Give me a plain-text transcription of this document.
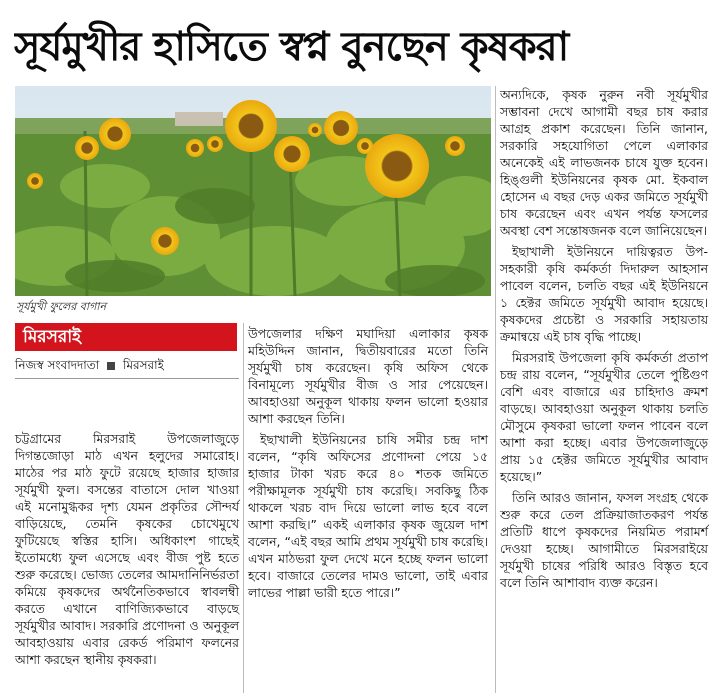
সূর্যমুখীর হাসিতে স্বপ্ন বুনছেন কৃষকরা
সূর্যমুখী ফুলের বাগান
মিরসরাই
নিজস্ব সংবাদদাতা মিরসরাই

চট্টগ্রামের মিরসরাই উপজেলাজুড়ে দিগন্তজোড়া মাঠ এখন হলুদের সমারোহ। মাঠের পর মাঠ ফুটে রয়েছে হাজার হাজার সূর্যমুখী ফুল। বসন্তের বাতাসে দোল খাওয়া এই মনোমুগ্ধকর দৃশ্য যেমন প্রকৃতির সৌন্দর্য বাড়িয়েছে, তেমনি কৃষকের চোখেমুখে ফুটিয়েছে স্বস্তির হাসি। অধিকাংশ গাছেই ইতোমধ্যে ফুল এসেছে এবং বীজ পুষ্ট হতে শুরু করেছে। ভোজ্য তেলের আমদানিনির্ভরতা কমিয়ে কৃষকদের অর্থনৈতিকভাবে স্বাবলম্বী করতে এখানে বাণিজ্যিকভাবে বাড়ছে সূর্যমুখীর আবাদ। সরকারি প্রণোদনা ও অনুকূল আবহাওয়ায় এবার রেকর্ড পরিমাণ ফলনের আশা করছেন স্থানীয় কৃষকরা।

উপজেলার দক্ষিণ মঘাদিয়া এলাকার কৃষক মহিউদ্দিন জানান, দ্বিতীয়বারের মতো তিনি সূর্যমুখী চাষ করেছেন। কৃষি অফিস থেকে বিনামূল্যে সূর্যমুখীর বীজ ও সার পেয়েছেন। আবহাওয়া অনুকূল থাকায় ফলন ভালো হওয়ার আশা করছেন তিনি।

ইছাখালী ইউনিয়নের চাষি সমীর চন্দ্র দাশ বলেন, “কৃষি অফিসের প্রণোদনা পেয়ে ১৫ হাজার টাকা খরচ করে ৪০ শতক জমিতে পরীক্ষামূলক সূর্যমুখী চাষ করেছি। সবকিছু ঠিক থাকলে খরচ বাদ দিয়ে ভালো লাভ হবে বলে আশা করছি।” একই এলাকার কৃষক জুয়েল দাশ বলেন, “এই বছর আমি প্রথম সূর্যমুখী চাষ করেছি। এখন মাঠভরা ফুল দেখে মনে হচ্ছে ফলন ভালো হবে। বাজারে তেলের দামও ভালো, তাই এবার লাভের পাল্লা ভারী হতে পারে।”

অন্যদিকে, কৃষক নুরুন নবী সূর্যমুখীর সম্ভাবনা দেখে আগামী বছর চাষ করার আগ্রহ প্রকাশ করেছেন। তিনি জানান, সরকারি সহযোগিতা পেলে এলাকার অনেকেই এই লাভজনক চাষে যুক্ত হবেন। হিঙ্গুলী ইউনিয়নের কৃষক মো. ইকবাল হোসেন এ বছর দেড় একর জমিতে সূর্যমুখী চাষ করেছেন এবং এখন পর্যন্ত ফসলের অবস্থা বেশ সন্তোষজনক বলে জানিয়েছেন।

ইছাখালী ইউনিয়নে দায়িত্বরত উপ-সহকারী কৃষি কর্মকর্তা দিদারুল আহসান পাবেল বলেন, চলতি বছর এই ইউনিয়নে ১ হেক্টর জমিতে সূর্যমুখী আবাদ হয়েছে। কৃষকদের প্রচেষ্টা ও সরকারি সহায়তায় ক্রমান্বয়ে এই চাষ বৃদ্ধি পাচ্ছে।

মিরসরাই উপজেলা কৃষি কর্মকর্তা প্রতাপ চন্দ্র রায় বলেন, “সূর্যমুখীর তেলে পুষ্টিগুণ বেশি এবং বাজারে এর চাহিদাও ক্রমশ বাড়ছে। আবহাওয়া অনুকূল থাকায় চলতি মৌসুমে কৃষকরা ভালো ফলন পাবেন বলে আশা করা হচ্ছে। এবার উপজেলাজুড়ে প্রায় ১৫ হেক্টর জমিতে সূর্যমুখীর আবাদ হয়েছে।”

তিনি আরও জানান, ফসল সংগ্রহ থেকে শুরু করে তেল প্রক্রিয়াজাতকরণ পর্যন্ত প্রতিটি ধাপে কৃষকদের নিয়মিত পরামর্শ দেওয়া হচ্ছে। আগামীতে মিরসরাইয়ে সূর্যমুখী চাষের পরিধি আরও বিস্তৃত হবে বলে তিনি আশাবাদ ব্যক্ত করেন।
